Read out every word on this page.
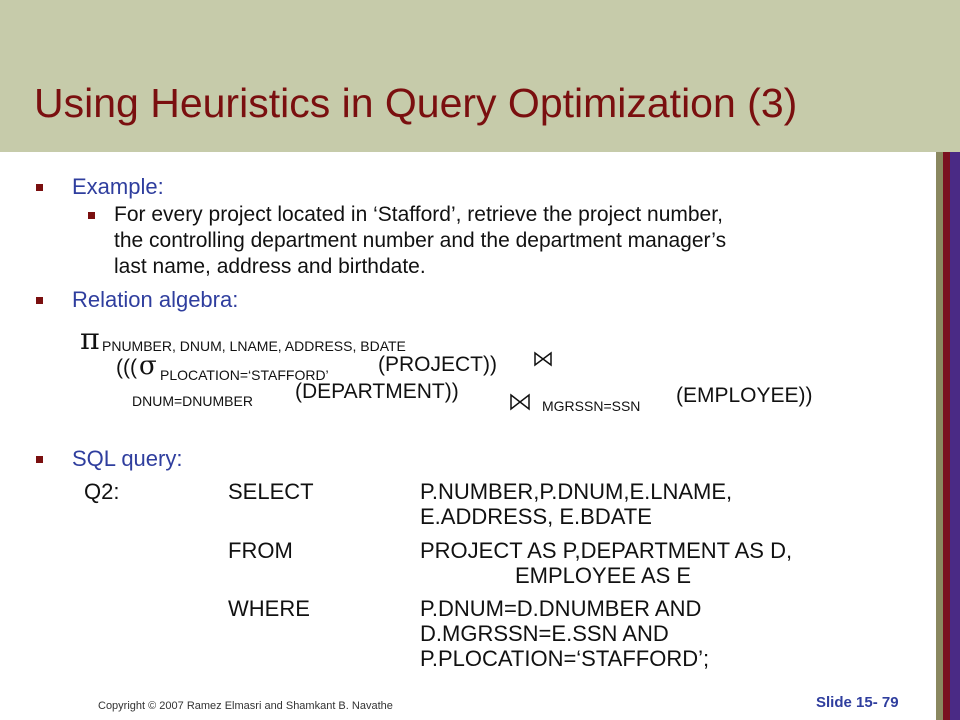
Using Heuristics in Query Optimization (3)
Example:
For every project located in ‘Stafford’, retrieve the project number,
the controlling department number and the department manager’s
last name, address and birthdate.
Relation algebra:
π PNUMBER, DNUM, LNAME, ADDRESS, BDATE
((( σ PLOCATION=‘STAFFORD’ (PROJECT))
DNUM=DNUMBER (DEPARTMENT))
MGRSSN=SSN (EMPLOYEE))
SQL query:
Q2:	SELECT	P.NUMBER,P.DNUM,E.LNAME,
E.ADDRESS, E.BDATE
FROM	PROJECT AS P,DEPARTMENT AS D,
EMPLOYEE AS E
WHERE	P.DNUM=D.DNUMBER AND
D.MGRSSN=E.SSN AND
P.PLOCATION=‘STAFFORD’;
Copyright © 2007 Ramez Elmasri and Shamkant B. Navathe	Slide 15- 79
